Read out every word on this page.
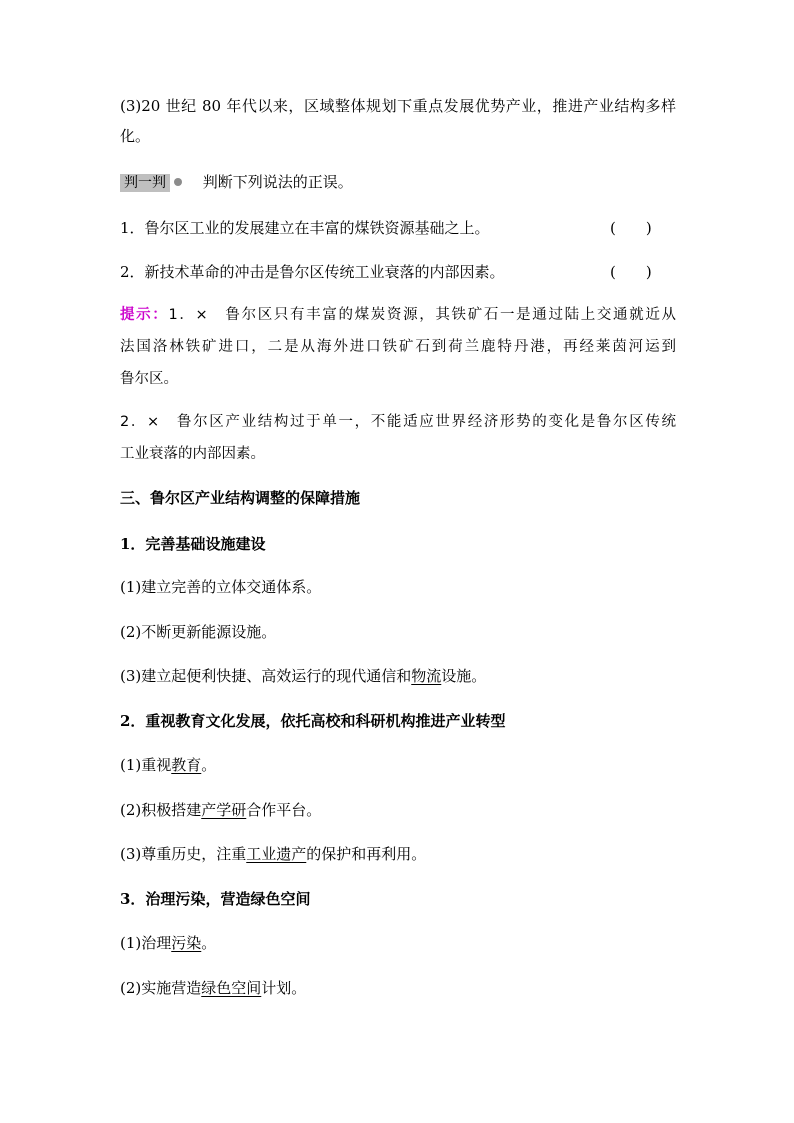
(3)20 世纪 80 年代以来，区域整体规划下重点发展优势产业，推进产业结构多样
化。
判一判 判断下列说法的正误。
1．鲁尔区工业的发展建立在丰富的煤铁资源基础之上。	(　　)
2．新技术革命的冲击是鲁尔区传统工业衰落的内部因素。	(　　)
提示：1．×　鲁尔区只有丰富的煤炭资源，其铁矿石一是通过陆上交通就近从
法国洛林铁矿进口，二是从海外进口铁矿石到荷兰鹿特丹港，再经莱茵河运到
鲁尔区。
2．×　鲁尔区产业结构过于单一，不能适应世界经济形势的变化是鲁尔区传统
工业衰落的内部因素。
三、鲁尔区产业结构调整的保障措施
1．完善基础设施建设
(1)建立完善的立体交通体系。
(2)不断更新能源设施。
(3)建立起便利快捷、高效运行的现代通信和物流设施。
2．重视教育文化发展，依托高校和科研机构推进产业转型
(1)重视教育。
(2)积极搭建产学研合作平台。
(3)尊重历史，注重工业遗产的保护和再利用。
3．治理污染，营造绿色空间
(1)治理污染。
(2)实施营造绿色空间计划。
